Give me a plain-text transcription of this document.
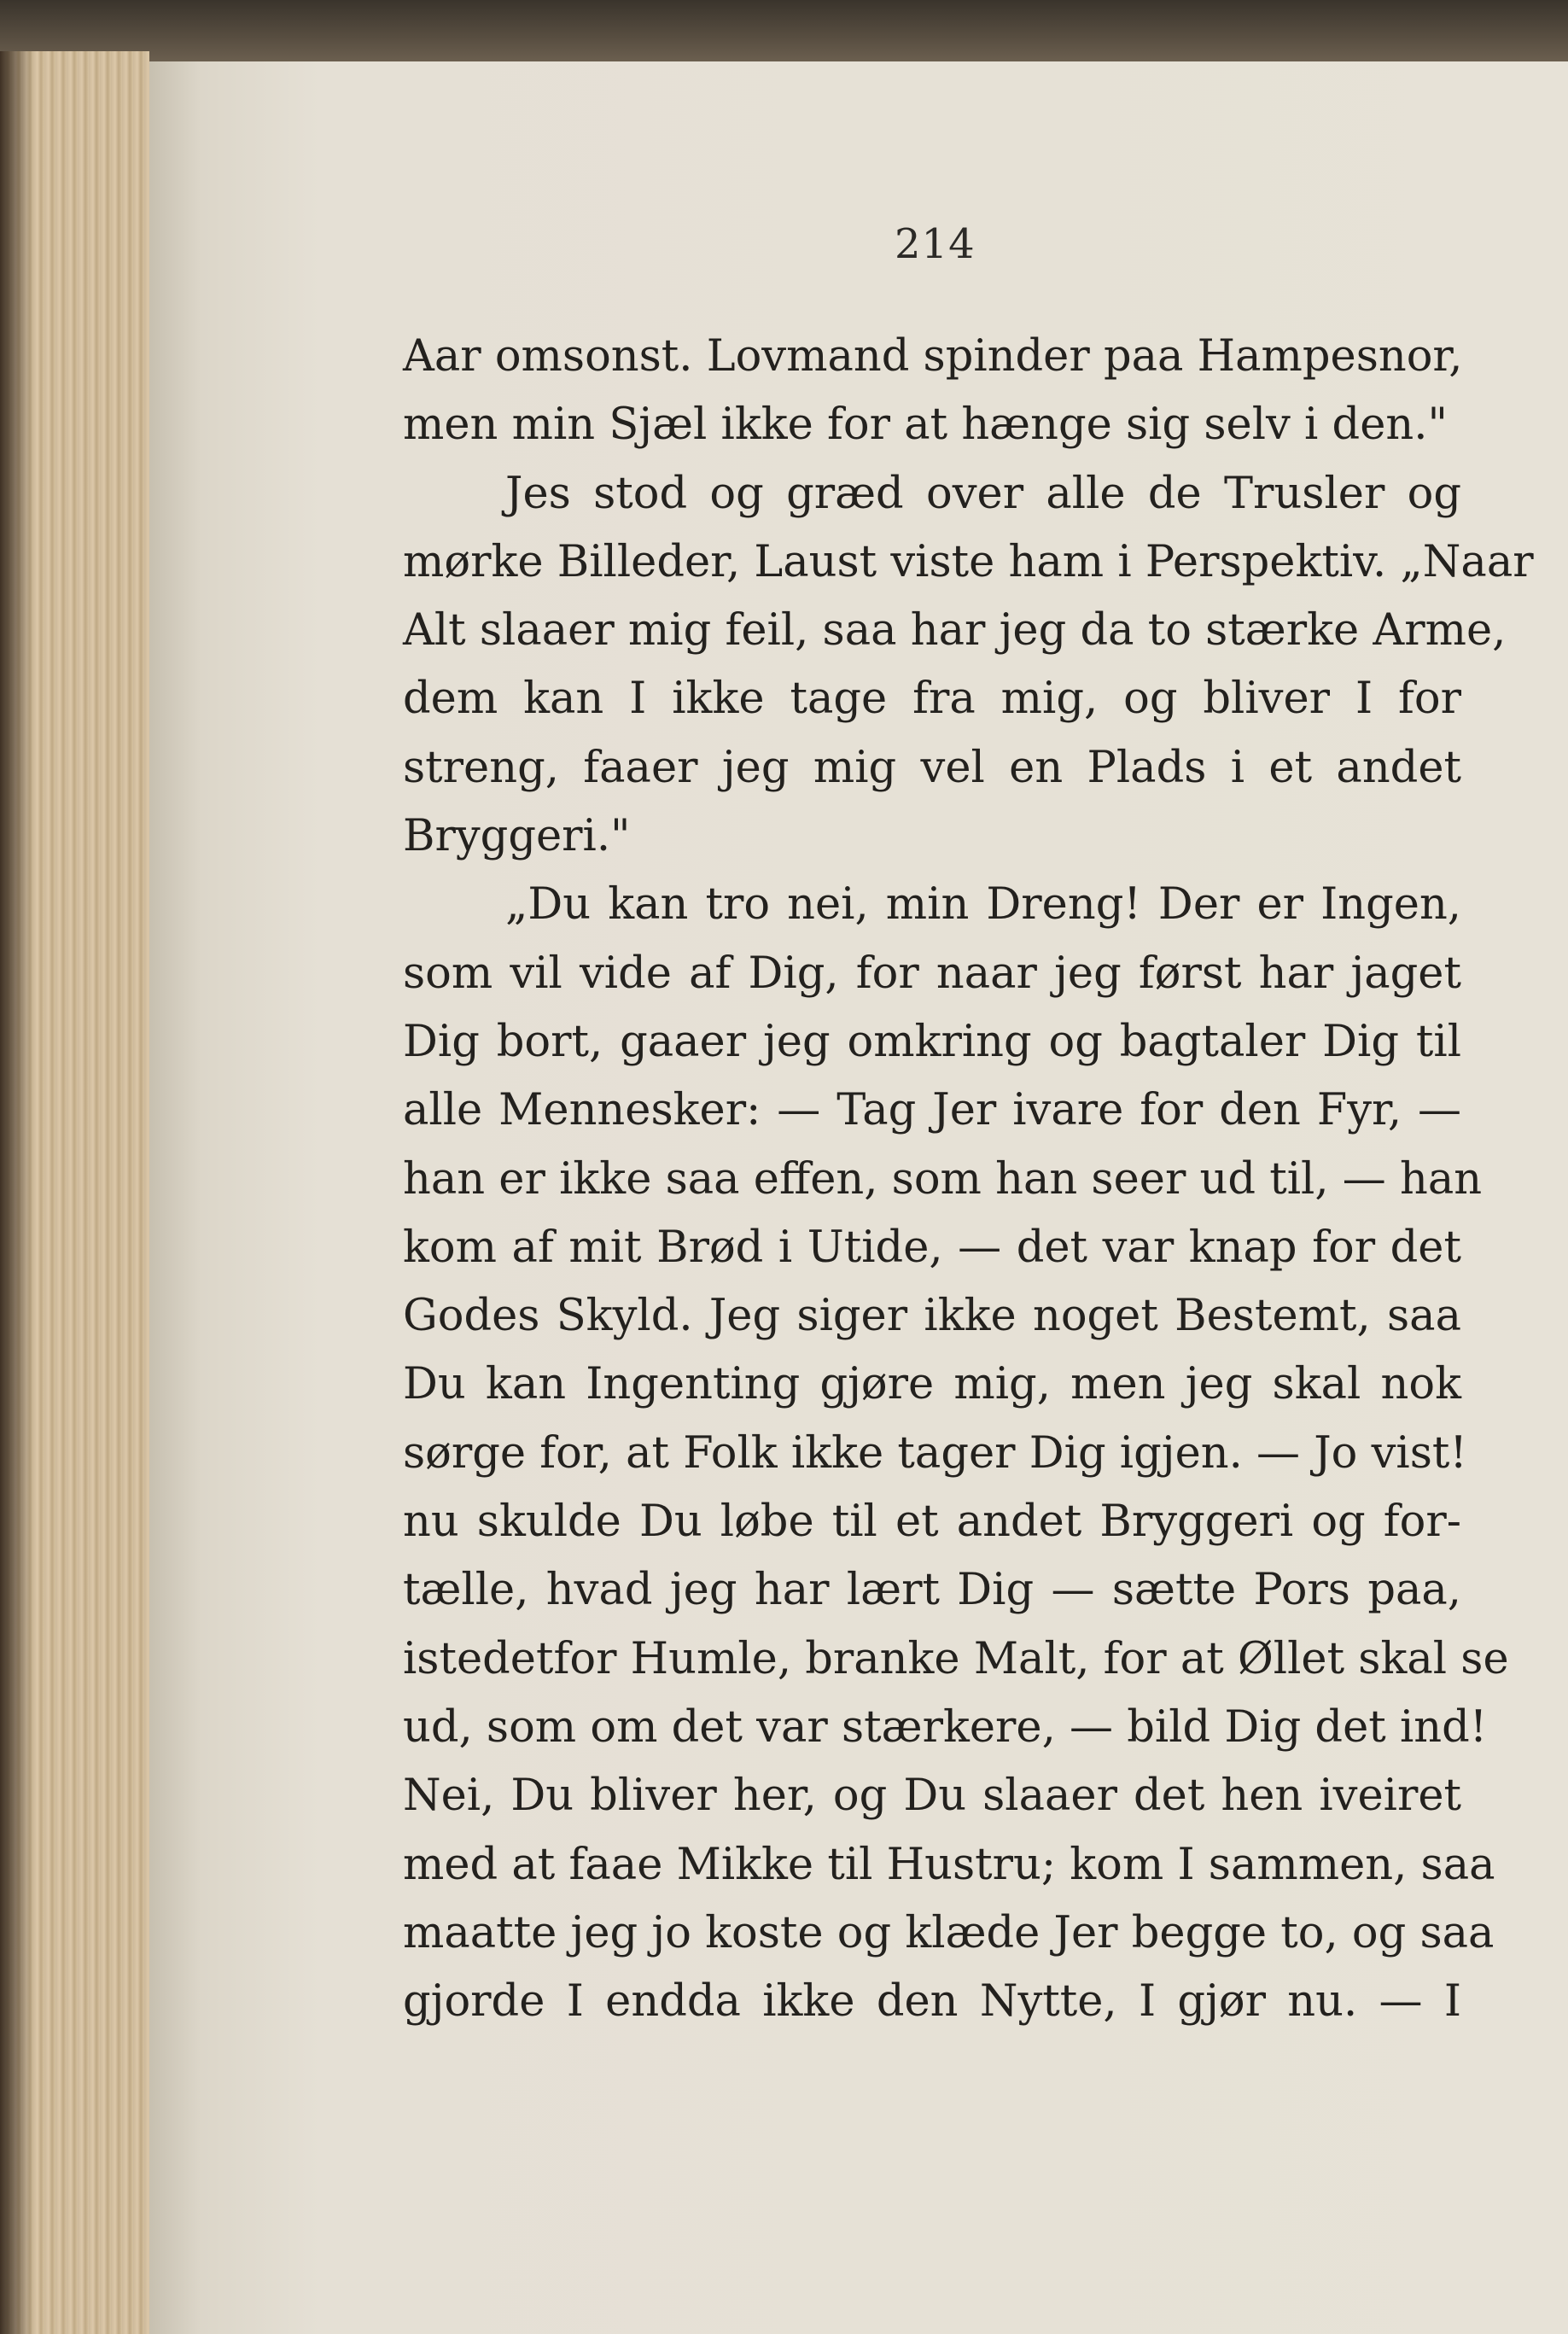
214
Aar omsonst. Lovmand spinder paa Hampesnor,
men min Sjæl ikke for at hænge sig selv i den."
Jes stod og græd over alle de Trusler og
mørke Billeder, Laust viste ham i Perspektiv. „Naar
Alt slaaer mig feil, saa har jeg da to stærke Arme,
dem kan I ikke tage fra mig, og bliver I for
streng, faaer jeg mig vel en Plads i et andet
Bryggeri."
„Du kan tro nei, min Dreng! Der er Ingen,
som vil vide af Dig, for naar jeg først har jaget
Dig bort, gaaer jeg omkring og bagtaler Dig til
alle Mennesker: — Tag Jer ivare for den Fyr, —
han er ikke saa effen, som han seer ud til, — han
kom af mit Brød i Utide, — det var knap for det
Godes Skyld. Jeg siger ikke noget Bestemt, saa
Du kan Ingenting gjøre mig, men jeg skal nok
sørge for, at Folk ikke tager Dig igjen. — Jo vist!
nu skulde Du løbe til et andet Bryggeri og for-
tælle, hvad jeg har lært Dig — sætte Pors paa,
istedetfor Humle, branke Malt, for at Øllet skal se
ud, som om det var stærkere, — bild Dig det ind!
Nei, Du bliver her, og Du slaaer det hen iveiret
med at faae Mikke til Hustru; kom I sammen, saa
maatte jeg jo koste og klæde Jer begge to, og saa
gjorde I endda ikke den Nytte, I gjør nu. — I
